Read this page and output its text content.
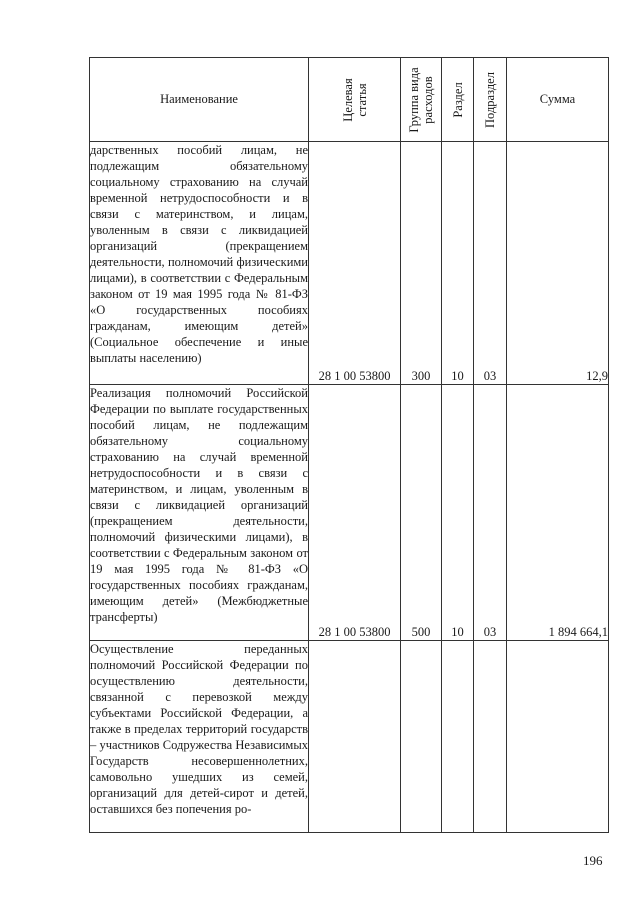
Наименование	Целевая статья	Группа вида расходов	Раздел	Подраздел	Сумма
дарственных пособий лицам, не подлежащим обязательному социальному страхованию на случай временной нетрудоспособности и в связи с материнством, и лицам, уволенным в связи с ликвидацией организаций (прекращением деятельности, полномочий физическими лицами), в соответствии с Федеральным законом от 19 мая 1995 года № 81-ФЗ «О государственных пособиях гражданам, имеющим детей» (Социальное обеспечение и иные выплаты населению)	28 1 00 53800	300	10	03	12,9
Реализация полномочий Российской Федерации по выплате государственных пособий лицам, не подлежащим обязательному социальному страхованию на случай временной нетрудоспособности и в связи с материнством, и лицам, уволенным в связи с ликвидацией организаций (прекращением деятельности, полномочий физическими лицами), в соответствии с Федеральным законом от 19 мая 1995 года № 81-ФЗ «О государственных пособиях гражданам, имеющим детей» (Межбюджетные трансферты)	28 1 00 53800	500	10	03	1 894 664,1
Осуществление переданных полномочий Российской Федерации по осуществлению деятельности, связанной с перевозкой между субъектами Российской Федерации, а также в пределах территорий государств – участников Содружества Независимых Государств несовершеннолетних, самовольно ушедших из семей, организаций для детей-сирот и детей, оставшихся без попечения ро-					
196
